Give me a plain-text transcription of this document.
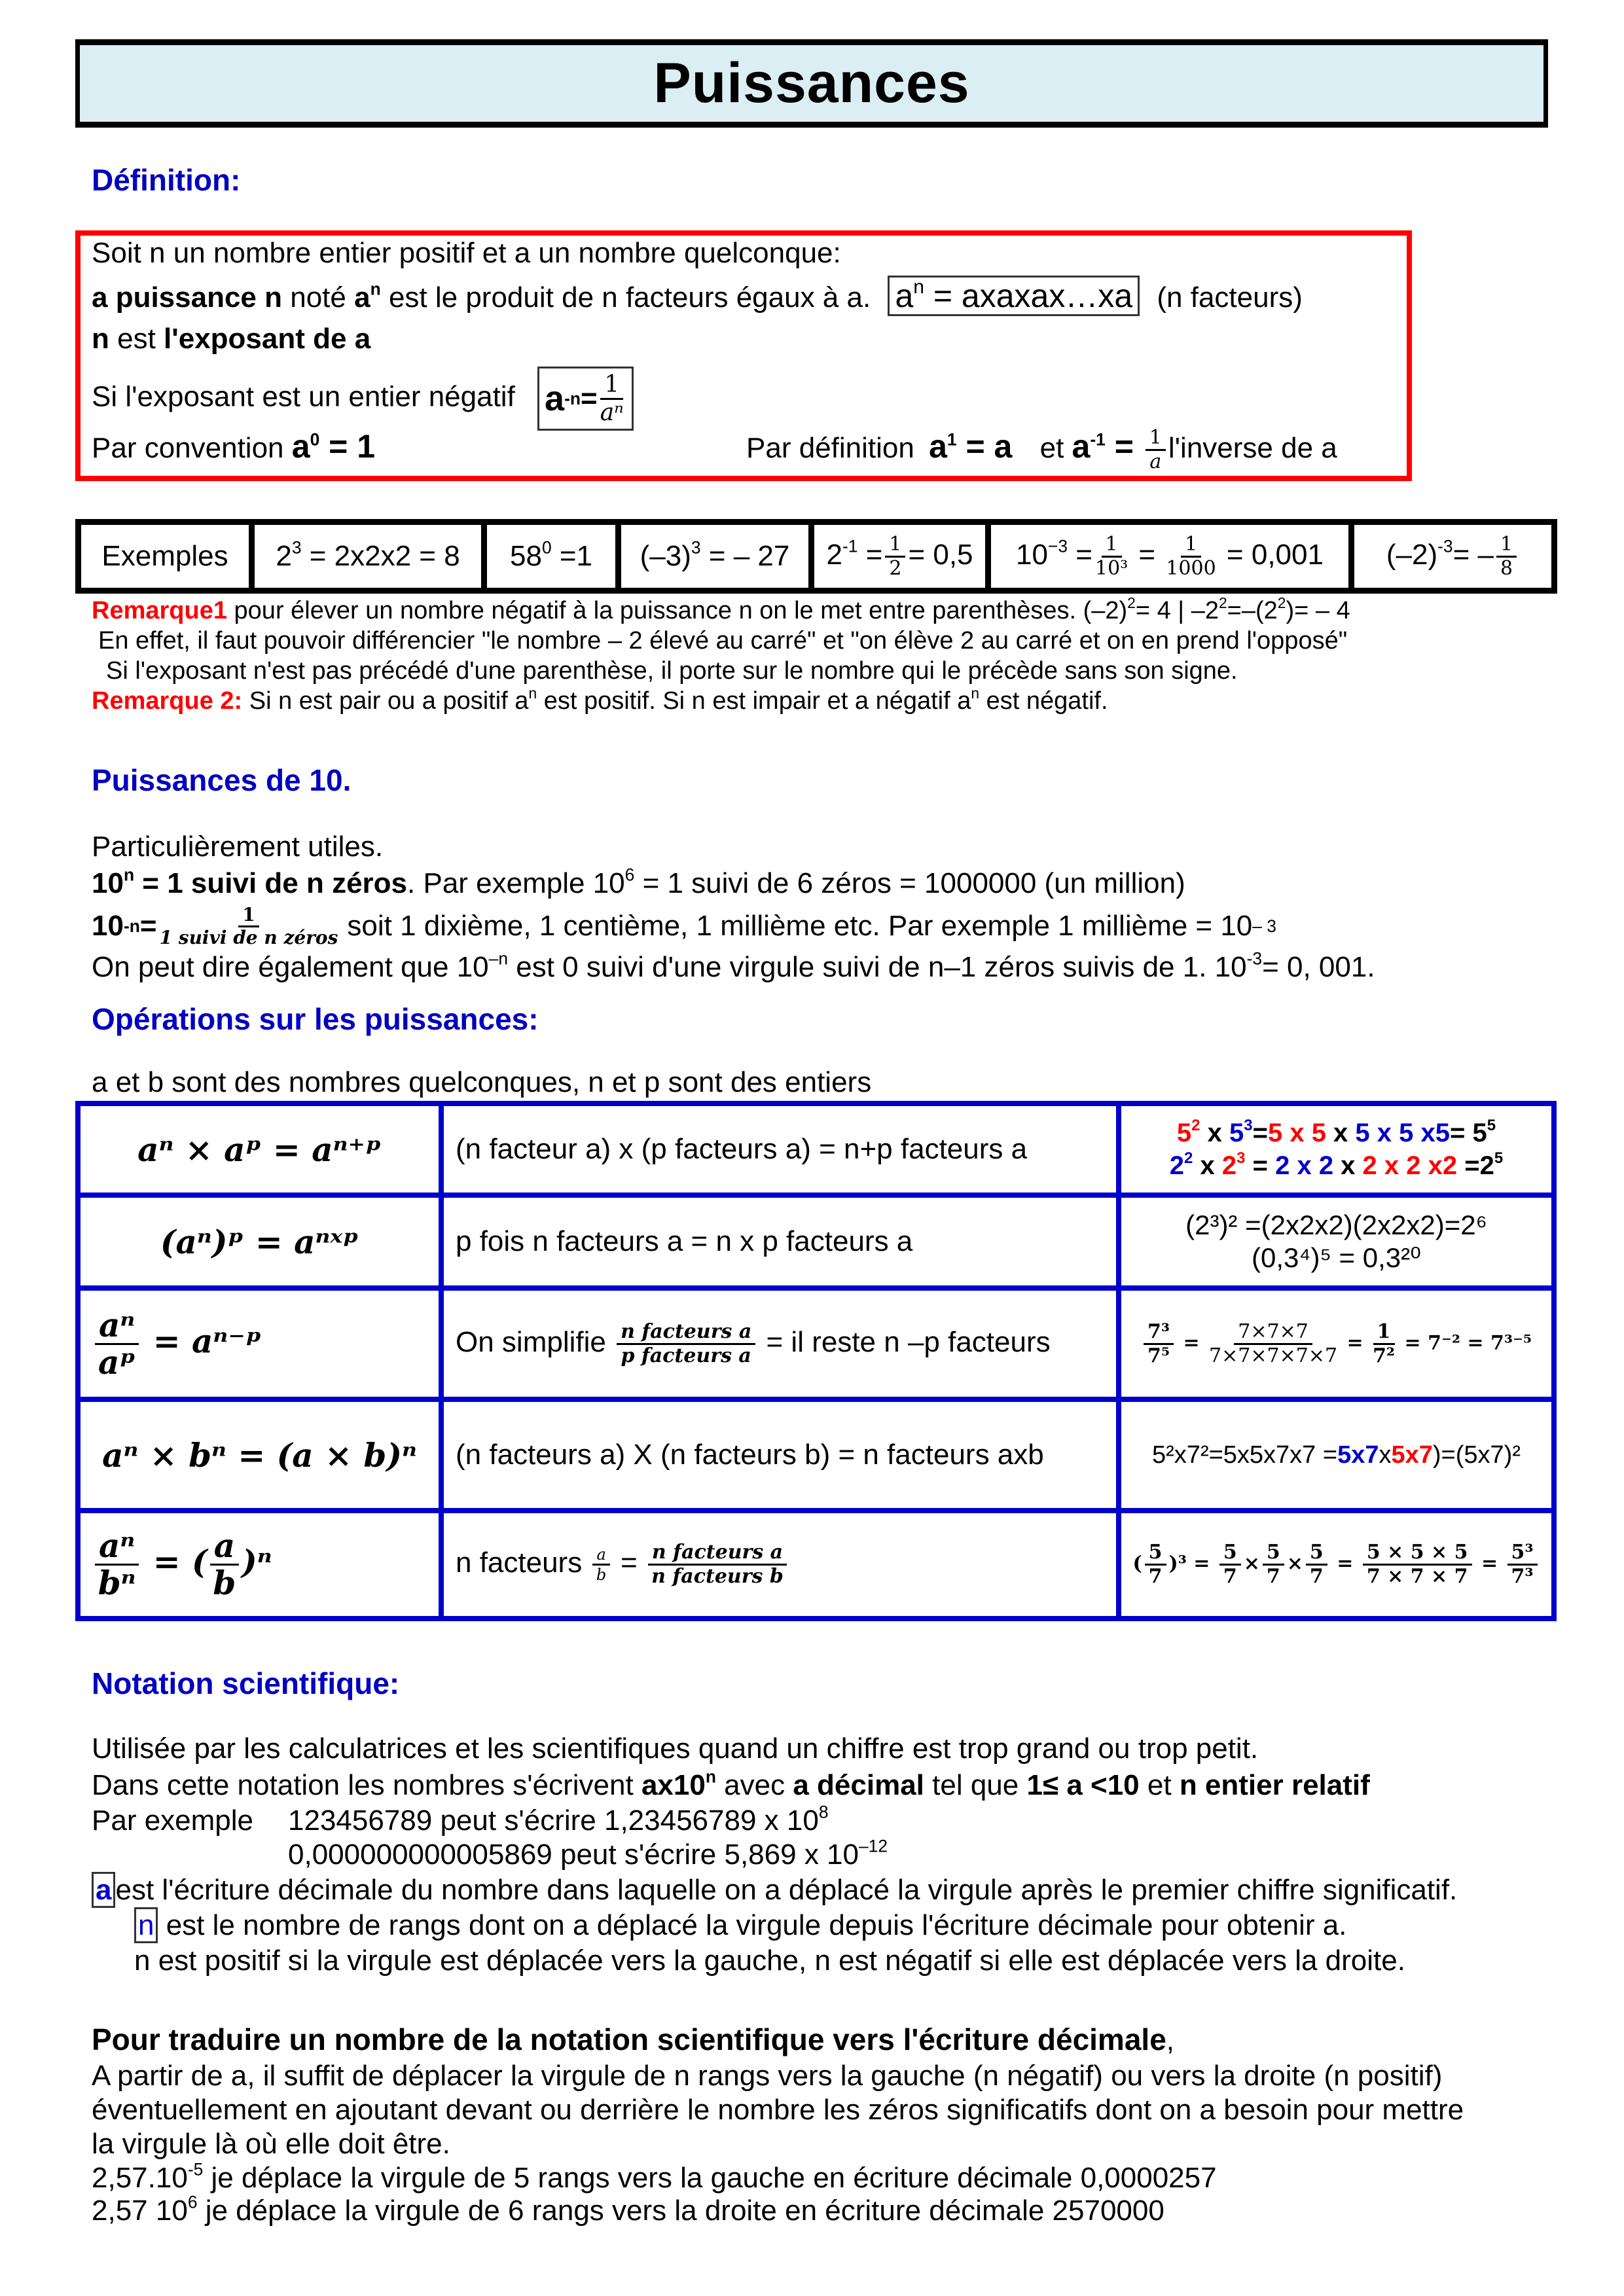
Puissances
Définition:
Soit n un nombre entier positif et a un nombre quelconque:
a puissance n noté $a^n$ est le produit de n facteurs égaux à a. $a^n$ = axaxax…xa (n facteurs)
n est l'exposant de a
Si l'exposant est un entier négatif a $-n = \frac{1}{\text{aⁿ}}$
Par convention $a^0 = 1$	Par définition $a^1 = a$ et $a^{-1} = \frac{1}{a}$ l'inverse de a
Exemples	$2^3 = 2x2x2 = 8$	$58^0 =1$	$(-3)^3$ = – 27	$2^{-1} = \frac{1}{2} = 0,5$	$10^{-3} = \frac{1}{\text{10³}} = \frac{1}{1000} = 0,001$	$(-2)^{-3}= - \frac{1}{8}$
Remarque1 pour élever un nombre négatif à la puissance n on le met entre parenthèses. $(-2)^2= 4$ | $-2^2=-(2^2)= - 4$
En effet, il faut pouvoir différencier "le nombre – 2 élevé au carré" et "on élève 2 au carré et on en prend l'opposé"
Si l'exposant n'est pas précédé d'une parenthèse, il porte sur le nombre qui le précède sans son signe.
Remarque 2: Si n est pair ou a positif $a^n$ est positif. Si n est impair et a négatif $a^n$ est négatif.
Puissances de 10.
Particulièrement utiles.
$10^n = 1$ suivi de n zéros. Par exemple $10^6 = 1$ suivi de 6 zéros = 1000000 (un million)
10 $-n = \frac{1}{\text{1 suivi de n zéros}}$ soit 1 dixième, 1 centième, 1 millième etc. Par exemple 1 millième = 10 – 3
On peut dire également que $10^{-n}$ est 0 suivi d'une virgule suivi de n–1 zéros suivis de 1. $10^{-3}= 0$, 001.
Opérations sur les puissances:
a et b sont des nombres quelconques, n et p sont des entiers
aⁿ × aᵖ = aⁿ⁺ᵖ	(n facteur a) x (p facteurs a) = n+p facteurs a	$5^2$ x $5^3=5$ x 5 x 5 x 5 $x5= 5^5$
$2^2$ x $2^3 = 2$ x 2 x 2 x 2 $x2 =2^5$

(aⁿ)ᵖ = aⁿˣᵖ	p fois n facteurs a = n x p facteurs a	(2³)² =(2x2x2)(2x2x2)=2⁶
(0,3⁴)⁵ = 0,3²⁰

$\frac{\text{aⁿ}}{\text{aᵖ}}$ = aⁿ⁻ᵖ	On simplifie $\frac{\text{n facteurs a}}{\text{p facteurs a}}$ = il reste n –p facteurs	$\frac{\text{7³}}{\text{7⁵}} = \frac{7\times 7\times 7}{7\times 7\times 7\times 7\times 7} = \frac{1}{\text{7²}} = 7^{-2} = 7^{3-5}$
aⁿ × bⁿ = (a × b)ⁿ	(n facteurs a) X (n facteurs b) = n facteurs axb	5²x7²=5x5x7x7 =5x7x5x7)=(5x7)²

$\frac{\text{aⁿ}}{\text{bⁿ}}$ = ( $\frac{a}{b} )^n$	n facteurs $\frac{a}{b} = \frac{\text{n facteurs a}}{\text{n facteurs b}}$	( $\frac{5}{7} )^3 = \frac{5}{7} \times \frac{5}{7} \times \frac{5}{7} = \frac{5 \times 5 \times 5}{7 \times 7 \times 7} = \frac{\text{5³}}{\text{7³}}$
Notation scientifique:
Utilisée par les calculatrices et les scientifiques quand un chiffre est trop grand ou trop petit.
Dans cette notation les nombres s'écrivent ax10$^n$ avec a décimal tel que 1≤ a <10 et n entier relatif
Par exemple 123456789 peut s'écrire 1,23456789 x $10^8$
0,000000000005869 peut s'écrire 5,869 x $10^{-12}$
a est l'écriture décimale du nombre dans laquelle on a déplacé la virgule après le premier chiffre significatif.
n est le nombre de rangs dont on a déplacé la virgule depuis l'écriture décimale pour obtenir a.
n est positif si la virgule est déplacée vers la gauche, n est négatif si elle est déplacée vers la droite.
Pour traduire un nombre de la notation scientifique vers l'écriture décimale,
A partir de a, il suffit de déplacer la virgule de n rangs vers la gauche (n négatif) ou vers la droite (n positif)
éventuellement en ajoutant devant ou derrière le nombre les zéros significatifs dont on a besoin pour mettre
la virgule là où elle doit être.
$2,57.10^{-5}$ je déplace la virgule de 5 rangs vers la gauche en écriture décimale 0,0000257
2,57 $10^6$ je déplace la virgule de 6 rangs vers la droite en écriture décimale 2570000
